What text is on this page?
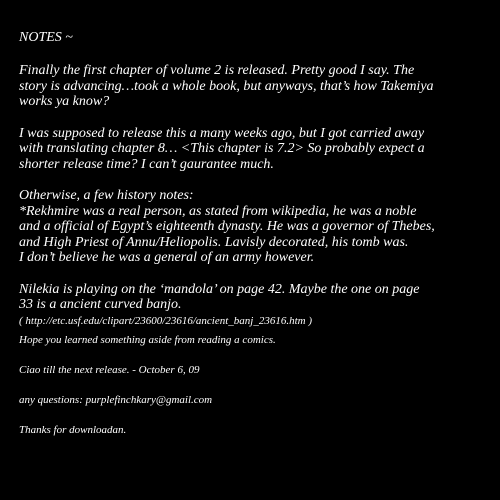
NOTES ~
Finally the first chapter of volume 2 is released. Pretty good I say. The
story is advancing…took a whole book, but anyways, that’s how Takemiya
works ya know?
I was supposed to release this a many weeks ago, but I got carried away
with translating chapter 8… <This chapter is 7.2> So probably expect a
shorter release time? I can’t gaurantee much.
Otherwise, a few history notes:
*Rekhmire was a real person, as stated from wikipedia, he was a noble
and a official of Egypt’s eighteenth dynasty. He was a governor of Thebes,
and High Priest of Annu/Heliopolis. Lavisly decorated, his tomb was.
I don’t believe he was a general of an army however.
Nilekia is playing on the ‘mandola’ on page 42. Maybe the one on page
33 is a ancient curved banjo.
( http://etc.usf.edu/clipart/23600/23616/ancient_banj_23616.htm )

Hope you learned something aside from reading a comics.

Ciao till the next release. - October 6, 09

any questions: purplefinchkary@gmail.com

Thanks for downloadan.
